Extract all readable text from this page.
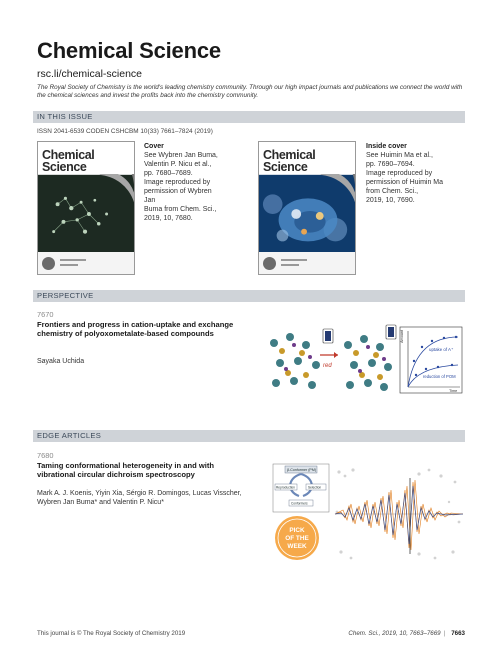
Chemical Science
rsc.li/chemical-science
The Royal Society of Chemistry is the world's leading chemistry community. Through our high impact journals and publications we connect the world with the chemical sciences and invest the profits back into the chemistry community.
IN THIS ISSUE
ISSN 2041-6539 CODEN CSHCBM 10(33) 7661–7824 (2019)
Chemical Science
Cover
See Wybren Jan Buma,
Valentin P. Nicu et al.,
pp. 7680–7689.
Image reproduced by
permission of Wybren Jan
Buma from Chem. Sci.,
2019, 10, 7680.
Chemical Science
Inside cover
See Huimin Ma et al.,
pp. 7690–7694.
Image reproduced by
permission of Huimin Ma
from Chem. Sci.,
2019, 10, 7690.
PERSPECTIVE
7670
Frontiers and progress in cation-uptake and exchange chemistry of polyoxometalate-based compounds
Sayaka Uchida
red
Amount
Time
uptake of A⁺
reduction of POM
EDGE ARTICLES
7680
Taming conformational heterogeneity in and with vibrational circular dichroism spectroscopy
Mark A. J. Koenis, Yiyin Xia, Sérgio R. Domingos, Lucas Visscher, Wybren Jan Buma* and Valentin P. Nicu*
β-Conformer (PM)
Reproduction	Selection
Conformers
PICK
OF THE
WEEK
This journal is © The Royal Society of Chemistry 2019	Chem. Sci., 2019, 10, 7663–7669 | 7663
